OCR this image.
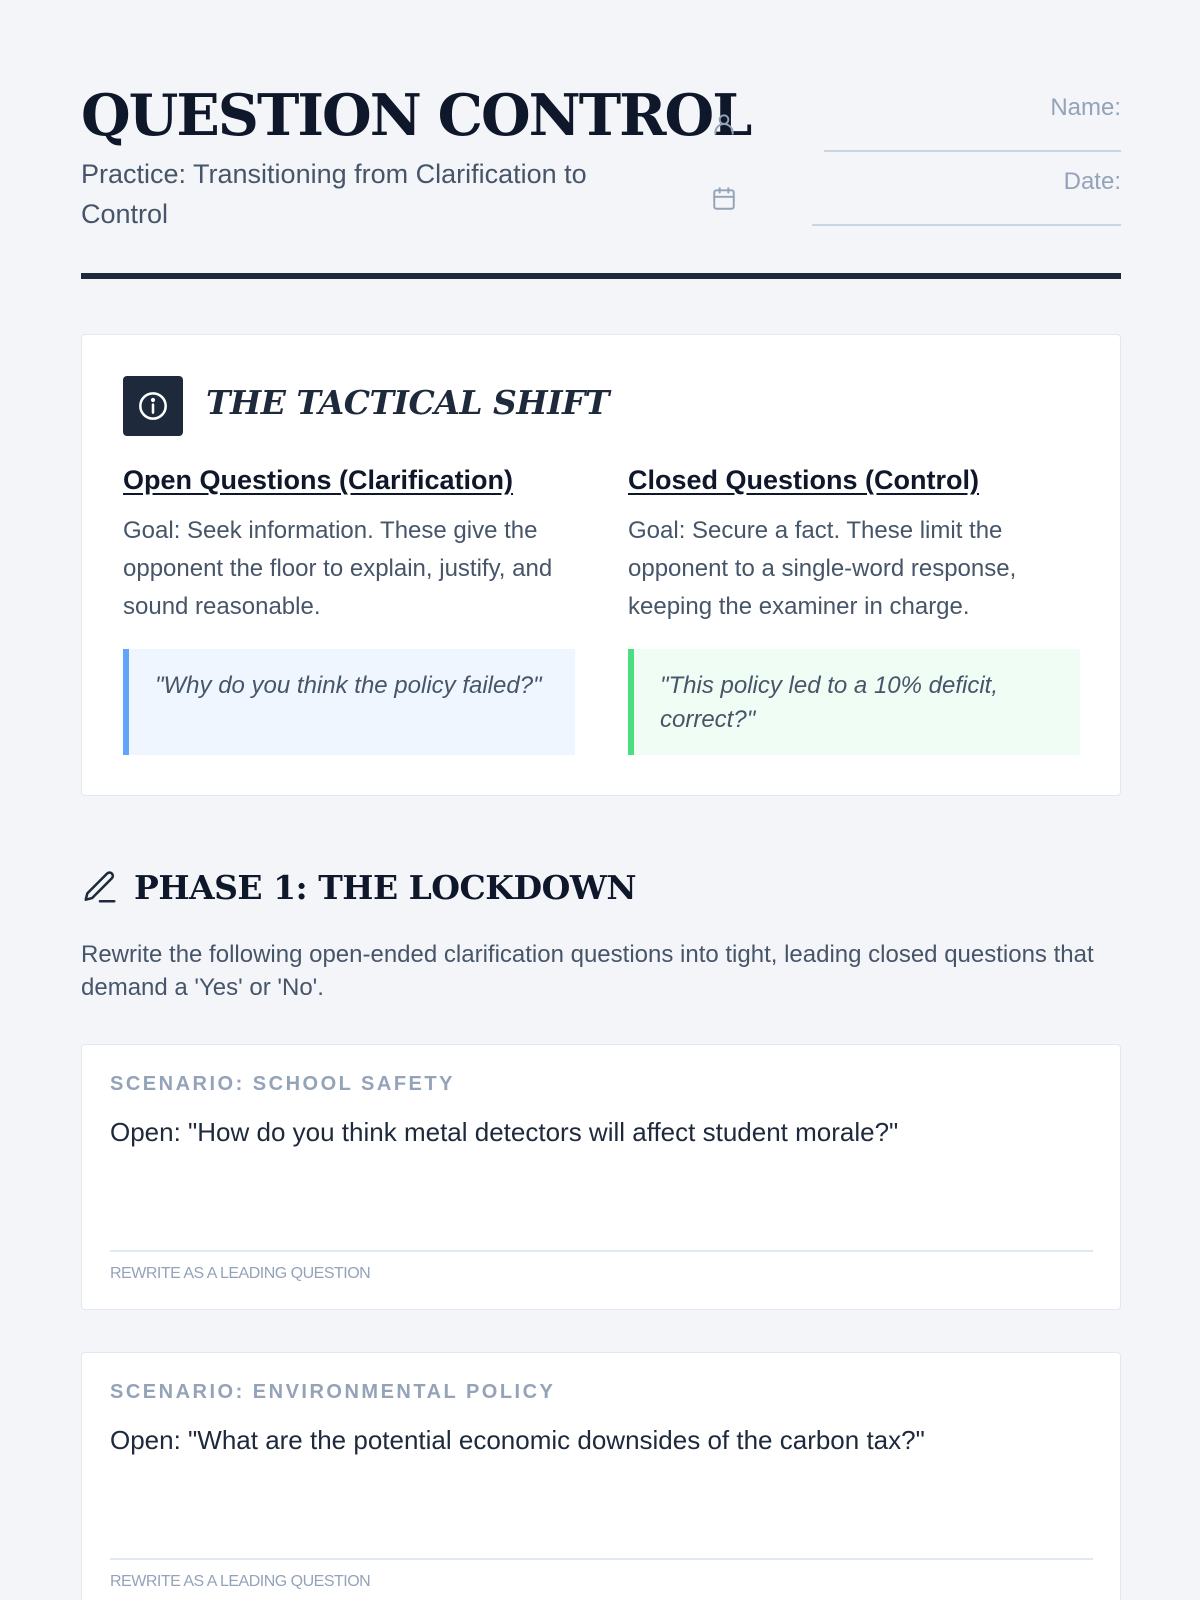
QUESTION CONTROL
Practice: Transitioning from Clarification to Control
Name:
Date:
THE TACTICAL SHIFT
Open Questions (Clarification)
Goal: Seek information. These give the opponent the floor to explain, justify, and sound reasonable.
Closed Questions (Control)
Goal: Secure a fact. These limit the opponent to a single-word response, keeping the examiner in charge.
"Why do you think the policy failed?"	"This policy led to a 10% deficit, correct?"
PHASE 1: THE LOCKDOWN
Rewrite the following open-ended clarification questions into tight, leading closed questions that demand a 'Yes' or 'No'.
SCENARIO: SCHOOL SAFETY
Open: "How do you think metal detectors will affect student morale?"
REWRITE AS A LEADING QUESTION
SCENARIO: ENVIRONMENTAL POLICY
Open: "What are the potential economic downsides of the carbon tax?"
REWRITE AS A LEADING QUESTION
